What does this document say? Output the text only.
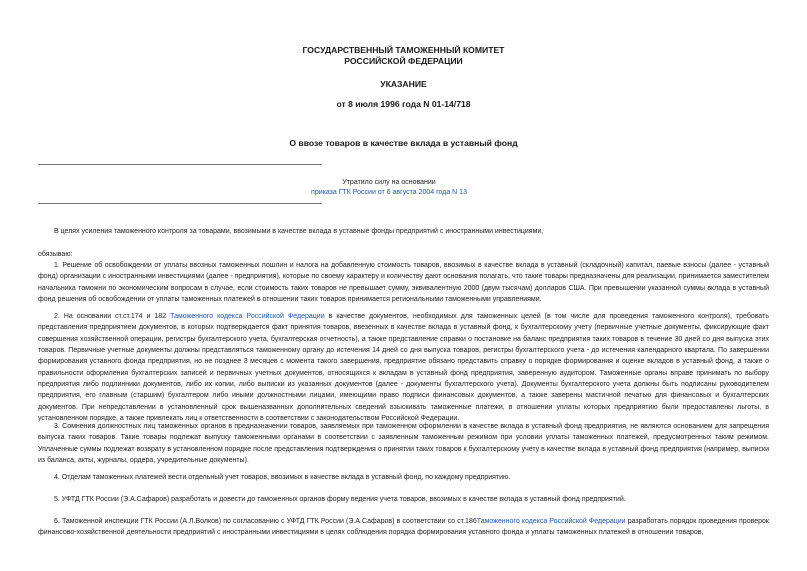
ГОСУДАРСТВЕННЫЙ ТАМОЖЕННЫЙ КОМИТЕТ
РОССИЙСКОЙ ФЕДЕРАЦИИ
УКАЗАНИЕ
от 8 июля 1996 года N 01-14/718
О ввозе товаров в качестве вклада в уставный фонд
Утратило силу на основании
приказа ГТК России от 6 августа 2004 года N 13
В целях усиления таможенного контроля за товарами, ввозимыми в качестве вклада в уставные фонды предприятий с иностранными инвестициями,
обязываю:
1. Решение об освобождении от уплаты ввозных таможенных пошлин и налога на добавленную стоимость товаров, ввозимых в качестве вклада в уставный (складочный) капитал, паевые взносы (далее - уставный фонд) организации с иностранными инвестициями (далее - предприятия), которые по своему характеру и количеству дают основания полагать, что такие товары предназначены для реализации, принимается заместителем начальника таможни по экономическим вопросам в случае, если стоимость таких товаров не превышает сумму, эквивалентную 2000 (двум тысячам) долларов США. При превышении указанной суммы вклада в уставный фонд решения об освобождении от уплаты таможенных платежей в отношении таких товаров принимается региональными таможенными управлениями.
2. На основании ст.ст.174 и 182 Таможенного кодекса Российской Федерации в качестве документов, необходимых для таможенных целей (в том числе для проведения таможенного контроля), требовать представления предприятием документов, в которых подтверждается факт принятия товаров, ввезенных в качестве вклада в уставный фонд, к бухгалтерскому учету (первичные учетные документы, фиксирующие факт совершения хозяйственной операции, регистры бухгалтерского учета, бухгалтерская отчетность), а также представление справки о постановке на баланс предприятия таких товаров в течение 30 дней со дня выпуска этих товаров. Первичные учетные документы должны представляться таможенному органу до истечения 14 дней со дня выпуска товаров, регистры бухгалтерского учета - до истечения календарного квартала. По завершении формирования уставного фонда предприятия, но не позднее 3 месяцев с момента такого завершения, предприятие обязано представить справку о порядке формирования и оценке вкладов в уставный фонд, а также о правильности оформления бухгалтерских записей и первичных учетных документов, относящихся к вкладам в уставный фонд предприятия, заверенную аудитором. Таможенные органы вправе принимать по выбору предприятия либо подлинники документов, либо их копии, либо выписки из указанных документов (далее - документы бухгалтерского учета). Документы бухгалтерского учета должны быть подписаны руководителем предприятия, его главным (старшим) бухгалтером либо иными должностными лицами, имеющими право подписи финансовых документов, а также заверены мастичной печатью для финансовых и бухгалтерских документов. При непредставлении в установленный срок вышеназванных дополнительных сведений взыскивать таможенные платежи, в отношении уплаты которых предприятию были предоставлены льготы, в установленном порядке, а также привлекать лиц к ответственности в соответствии с законодательством Российской Федерации.
3. Сомнения должностных лиц таможенных органов в предназначении товаров, заявляемых при таможенном оформлении в качестве вклада в уставный фонд предприятия, не являются основанием для запрещения выпуска таких товаров. Такие товары подлежат выпуску таможенными органами в соответствии с заявленным таможенным режимом при условии уплаты таможенных платежей, предусмотренных таким режимом. Уплаченные суммы подлежат возврату в установленном порядке после представления подтверждения о принятии таких товаров к бухгалтерскому учету в качестве вклада в уставный фонд предприятия (например, выписки из баланса, акты, журналы, ордера, учредительные документы).
4. Отделам таможенных платежей вести отдельный учет товаров, ввозимых в качестве вклада в уставный фонд, по каждому предприятию.
5. УФТД ГТК России (Э.А.Сафаров) разработать и довести до таможенных органов форму ведения учета товаров, ввозимых в качестве вклада в уставный фонд предприятий.
6. Таможенной инспекции ГТК России (А.Л.Волков) по согласованию с УФТД ГТК России (Э.А.Сафаров) в соответствии со ст.186Таможенного кодекса Российской Федерации разработать порядок проведения проверок финансово-хозяйственной деятельности предприятий с иностранными инвестициями в целях соблюдения порядка формирования уставного фонда и уплаты таможенных платежей в отношении товаров,
